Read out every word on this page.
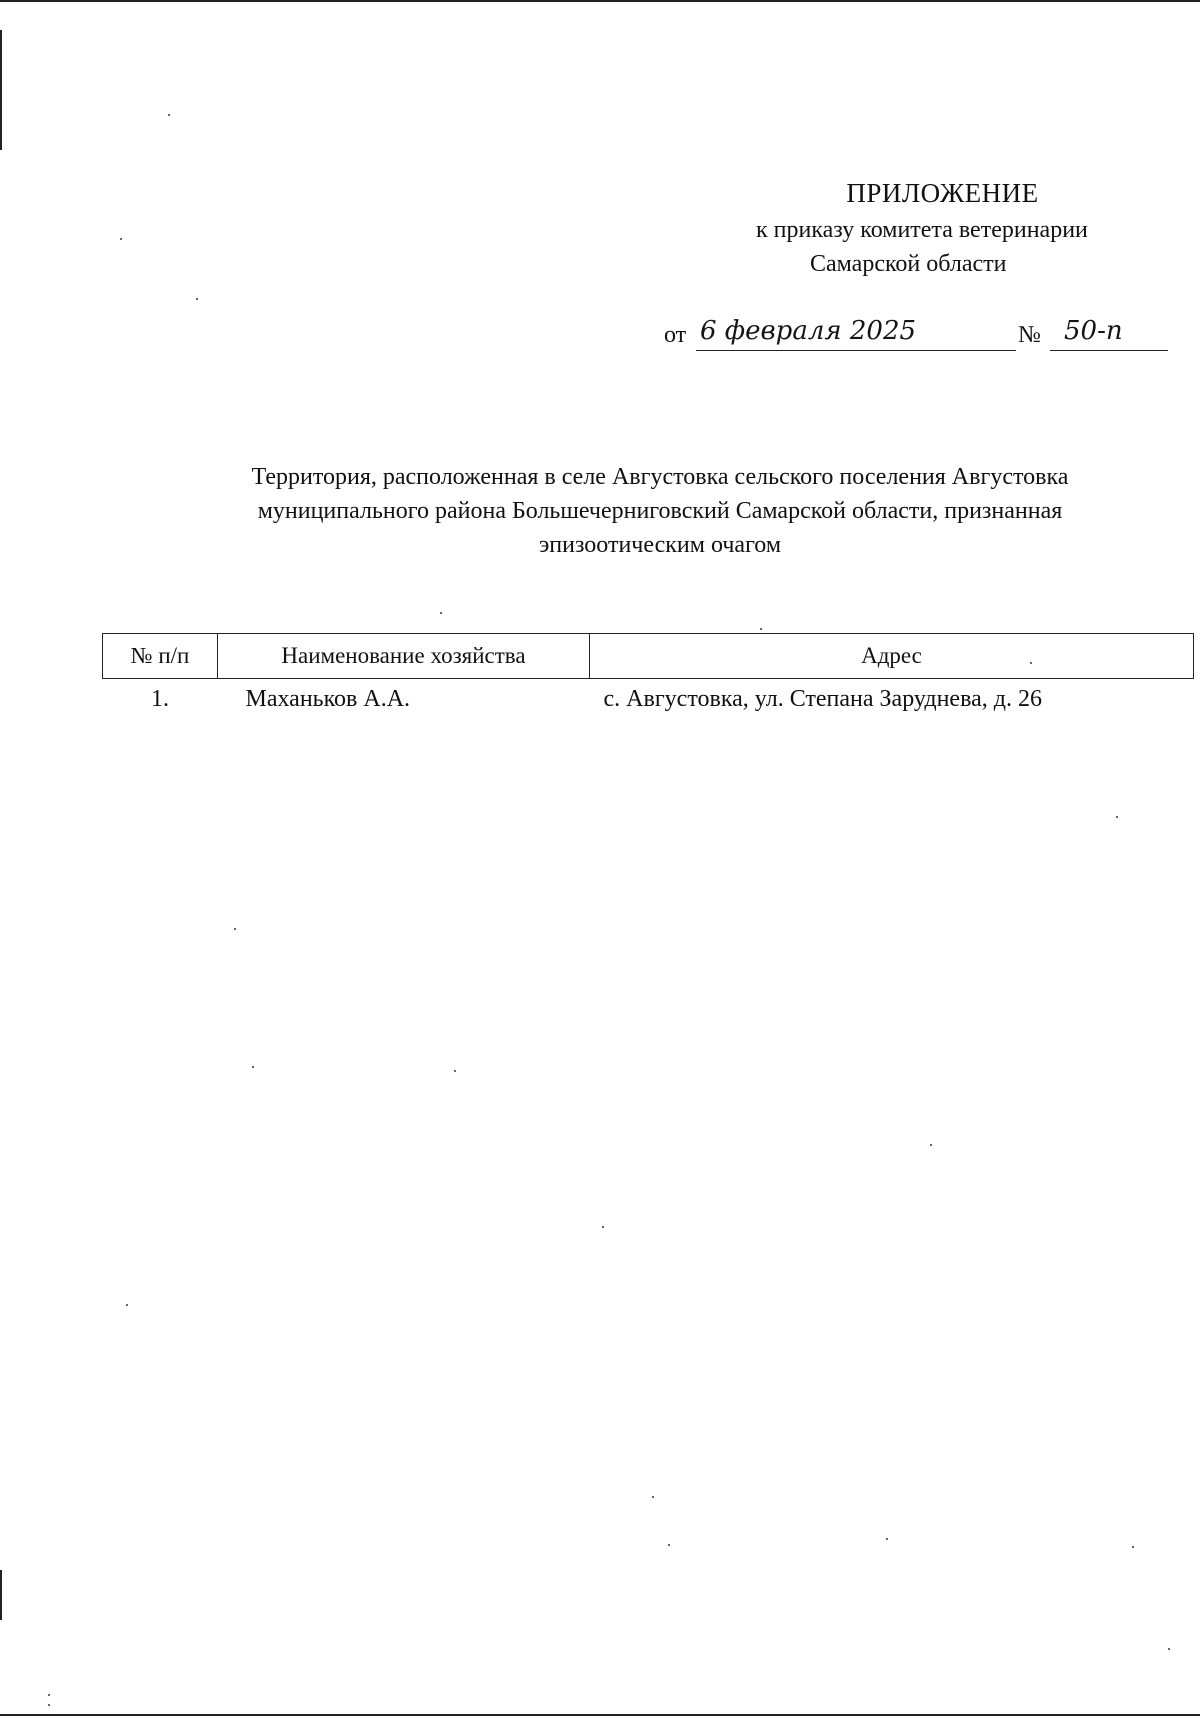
ПРИЛОЖЕНИЕ
к приказу комитета ветеринарии
Самарской области
от 6 февраля 2025	№ 50-п
Территория, расположенная в селе Августовка сельского поселения Августовка
муниципального района Большечерниговский Самарской области, признанная
эпизоотическим очагом
№ п/п	Наименование хозяйства	Адрес
1.	Маханьков А.А.	с. Августовка, ул. Степана Заруднева, д. 26
